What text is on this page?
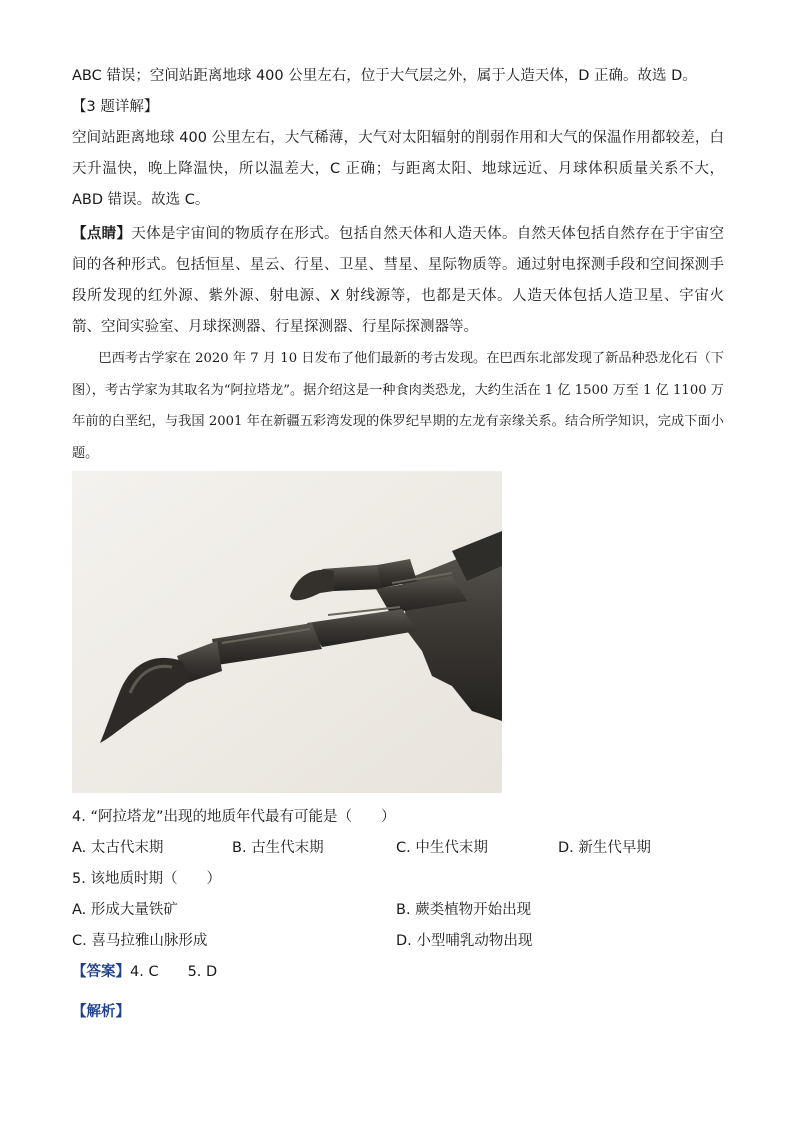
ABC 错误；空间站距离地球 400 公里左右，位于大气层之外，属于人造天体，D 正确。故选 D。
【3 题详解】
空间站距离地球 400 公里左右，大气稀薄，大气对太阳辐射的削弱作用和大气的保温作用都较差，白天升温快，晚上降温快，所以温差大，C 正确；与距离太阳、地球远近、月球体积质量关系不大，ABD 错误。故选 C。
【点睛】天体是宇宙间的物质存在形式。包括自然天体和人造天体。自然天体包括自然存在于宇宙空间的各种形式。包括恒星、星云、行星、卫星、彗星、星际物质等。通过射电探测手段和空间探测手段所发现的红外源、紫外源、射电源、X 射线源等，也都是天体。人造天体包括人造卫星、宇宙火箭、空间实验室、月球探测器、行星探测器、行星际探测器等。
巴西考古学家在 2020 年 7 月 10 日发布了他们最新的考古发现。在巴西东北部发现了新品种恐龙化石（下图），考古学家为其取名为“阿拉塔龙”。据介绍这是一种食肉类恐龙，大约生活在 1 亿 1500 万至 1 亿 1100 万年前的白垩纪，与我国 2001 年在新疆五彩湾发现的侏罗纪早期的左龙有亲缘关系。结合所学知识，完成下面小题。
4. “阿拉塔龙”出现的地质年代最有可能是（　　）
A. 太古代末期	B. 古生代末期	C. 中生代末期	D. 新生代早期
5. 该地质时期（　　）
A. 形成大量铁矿	B. 蕨类植物开始出现
C. 喜马拉雅山脉形成	D. 小型哺乳动物出现
【答案】4. C　　5. D
【解析】
